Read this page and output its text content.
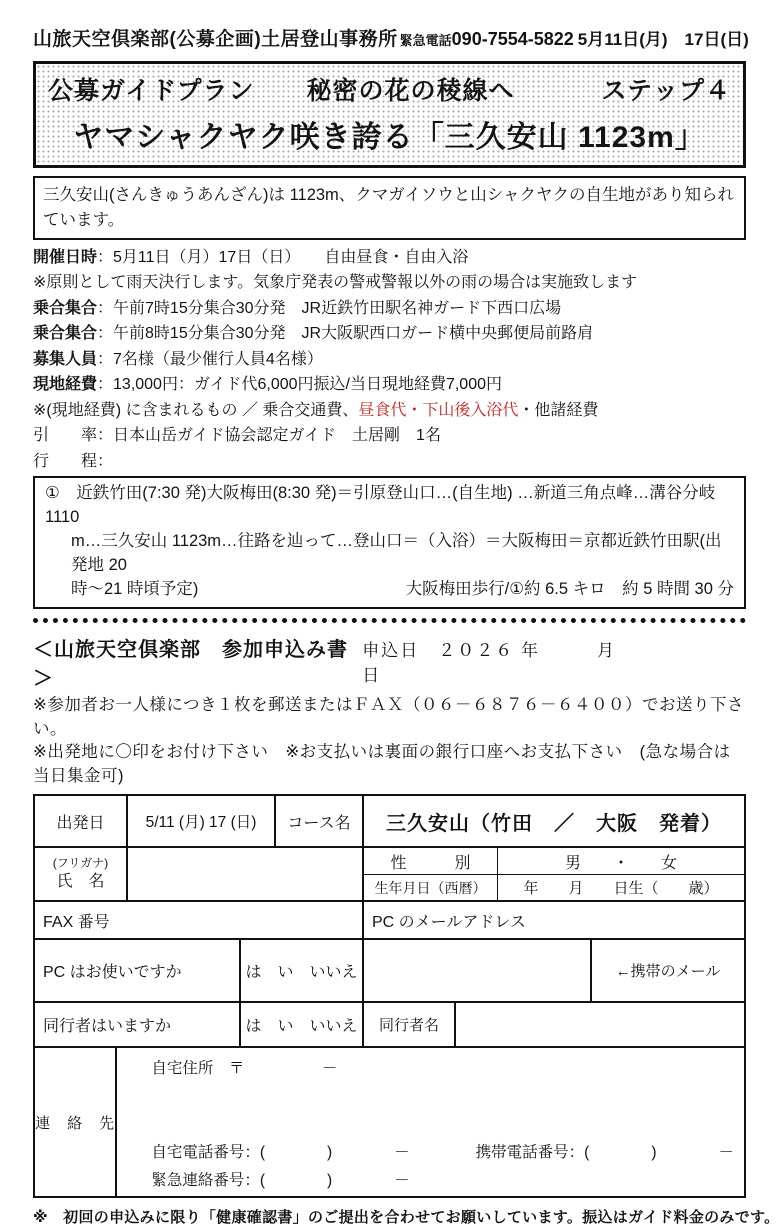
山旅天空倶楽部(公募企画)土居登山事務所 緊急電話 090-7554-5822 5月11日(月)　17日(日)
公募ガイドプラン　　秘密の花の稜線へ	ステップ４
ヤマシャクヤク咲き誇る「三久安山 1123m」
三久安山(さんきゅうあんざん)は 1123m、クマガイソウと山シャクヤクの自生地があり知られています。
開催日時：5月11日（月）17日（日）　　自由昼食・自由入浴
※原則として雨天決行します。気象庁発表の警戒警報以外の雨の場合は実施致します
乗合集合：午前7時15分集合30分発　JR近鉄竹田駅名神ガード下西口広場
乗合集合：午前8時15分集合30分発　JR大阪駅西口ガード横中央郵便局前路肩
募集人員：7名様（最少催行人員4名様）
現地経費：13,000円：ガイド代6,000円振込/当日現地経費7,000円
※(現地経費) に含まれるもの ／ 乗合交通費、昼食代・下山後入浴代・他諸経費
引　　率：日本山岳ガイド協会認定ガイド　土居剛　1名
行　　程：
①　近鉄竹田(7:30 発)大阪梅田(8:30 発)＝引原登山口…(自生地) …新道三角点峰…溝谷分岐 1110
m…三久安山 1123m…往路を辿って…登山口＝（入浴）＝大阪梅田＝京都近鉄竹田駅(出発地 20
時～21 時頃予定)	大阪梅田歩行/①約 6.5 キロ　約 5 時間 30 分
＜山旅天空倶楽部　参加申込み書＞
申込日　２０２６ 年　　　月　　　　日
※参加者お一人様につき１枚を郵送またはＦＡＸ（０６－６８７６－６４００）でお送り下さい。
※出発地に〇印をお付け下さい　※お支払いは裏面の銀行口座へお支払下さい　(急な場合は当日集金可)
出発日	5/11 (月) 17 (日)	コース名	三久安山（竹田　／　大阪　発着）
(フリガナ)
氏　名
性　　　別	男　　・　　女
生年月日（西暦）	年　　月　　日生（　　歳）
FAX 番号	PC のメールアドレス
PC はお使いですか	は　い　いいえ	←携帯のメール
同行者はいますか	は　い　いいえ	同行者名
連　絡　先
自宅住所　〒　　　　　－
自宅電話番号：(　　　　)　　　　－	携帯電話番号：(　　　　)　　　　－
緊急連絡番号：(　　　　)　　　　－
※　初回の申込みに限り「健康確認書」のご提出を合わせてお願いしています。振込はガイド料金のみです。
